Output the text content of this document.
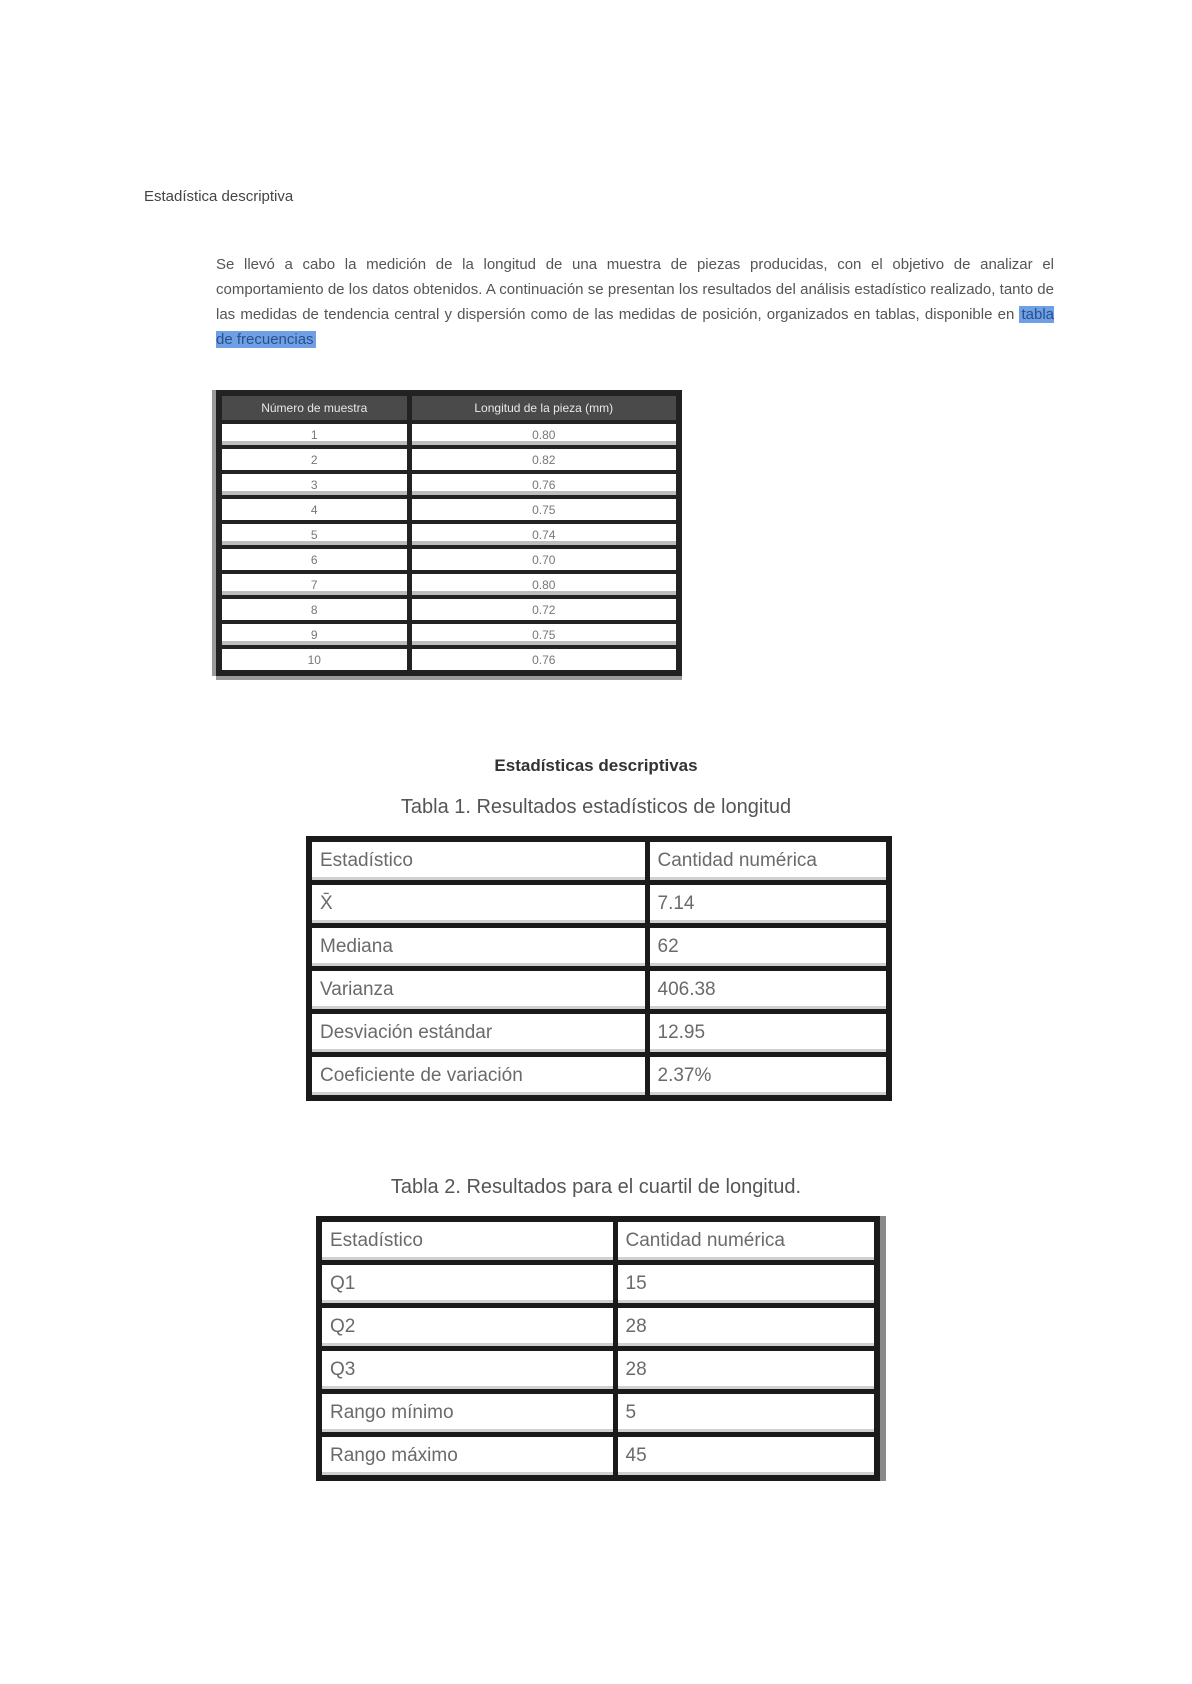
Estadística descriptiva

Se llevó a cabo la medición de la longitud de una muestra de piezas producidas, con el objetivo de analizar el comportamiento de los datos obtenidos. A continuación se presentan los resultados del análisis estadístico realizado, tanto de las medidas de tendencia central y dispersión como de las medidas de posición, organizados en tablas, disponible en tabla de frecuencias

Número de muestra	Longitud de la pieza (mm)
1	0.80
2	0.82
3	0.76
4	0.75
5	0.74
6	0.70
7	0.80
8	0.72
9	0.75
10	0.76
Estadísticas descriptivas
Tabla 1. Resultados estadísticos de longitud
Estadístico	Cantidad numérica
X̄	7.14
Mediana	62
Varianza	406.38
Desviación estándar	12.95
Coeficiente de variación	2.37%
Tabla 2. Resultados para el cuartil de longitud.
Estadístico	Cantidad numérica
Q1	15
Q2	28
Q3	28
Rango mínimo	5
Rango máximo	45
